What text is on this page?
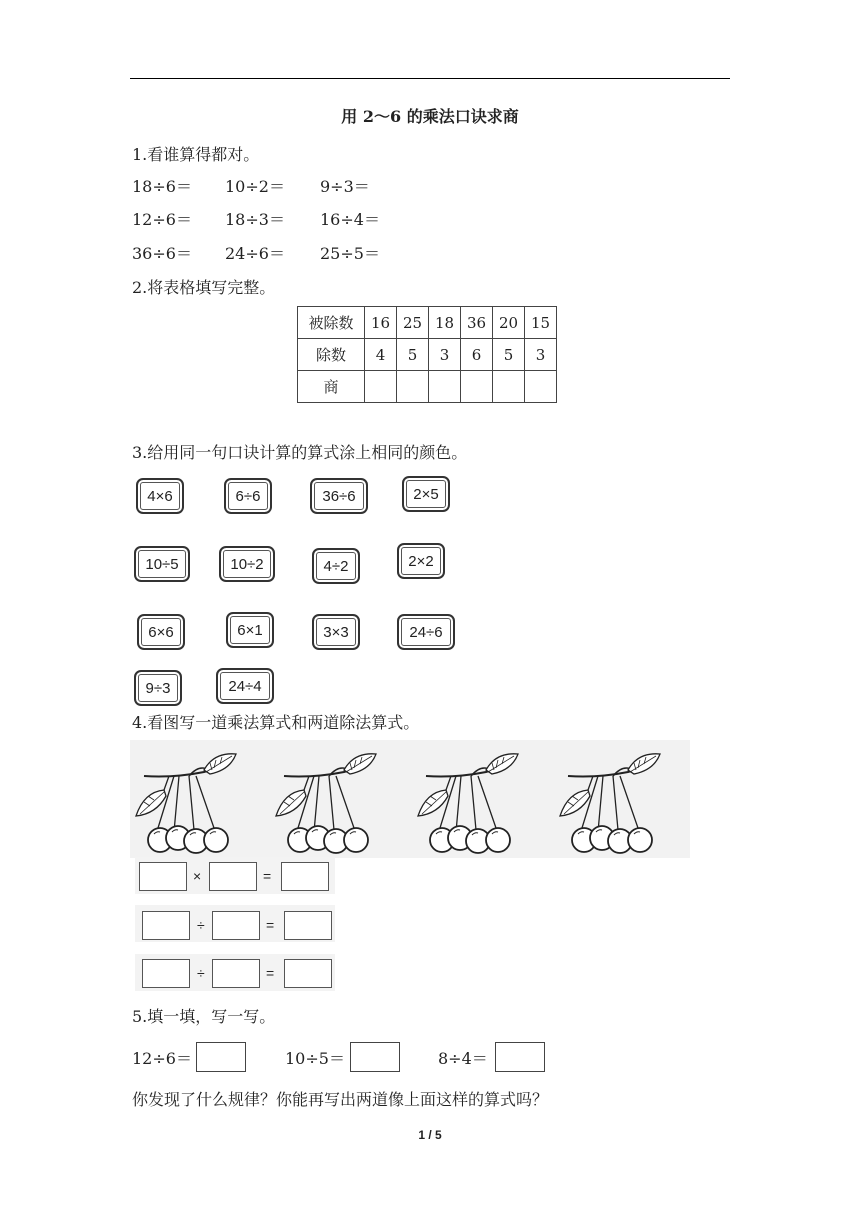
用 2～6 的乘法口诀求商
1.看谁算得都对。
18÷6＝ 10÷2＝ 9÷3＝
12÷6＝ 18÷3＝ 16÷4＝
36÷6＝ 24÷6＝ 25÷5＝
2.将表格填写完整。
被除数	16	25	18	36	20	15
除数	4	5	3	6	5	3
商						
3.给用同一句口诀计算的算式涂上相同的颜色。
4×6	6÷6	36÷6	2×5
10÷5	10÷2	4÷2	2×2
6×6	6×1	3×3	24÷6
9÷3	24÷4
4.看图写一道乘法算式和两道除法算式。
×	=
÷	=
÷	=
5.填一填，写一写。
12÷6＝	10÷5＝	8÷4＝
你发现了什么规律？你能再写出两道像上面这样的算式吗？
1 / 5
